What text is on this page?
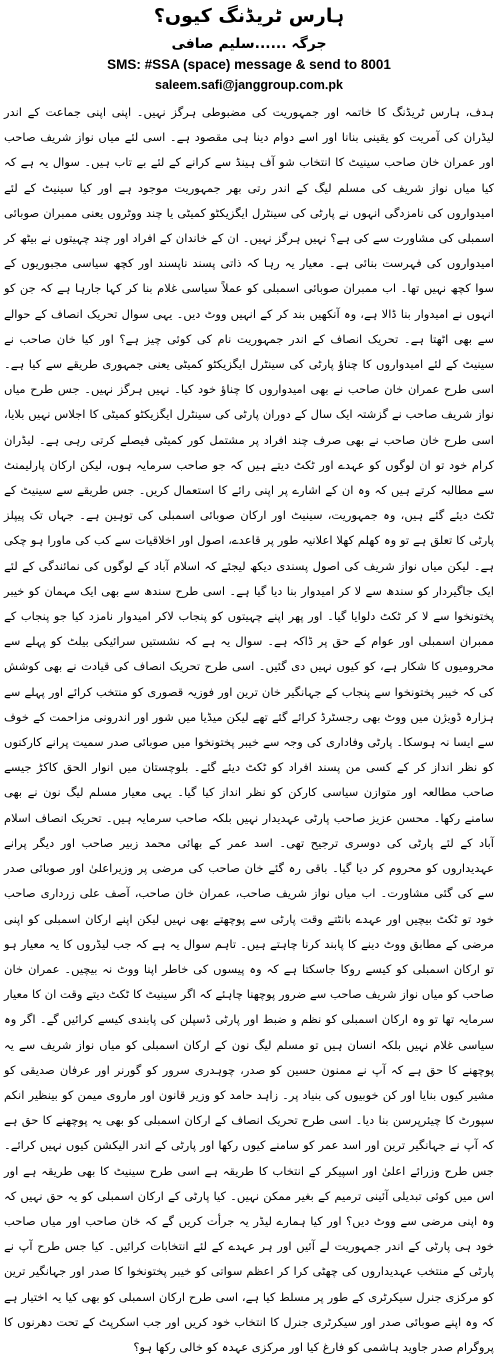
ہارس ٹریڈنگ کیوں؟
جرگہ ......سلیم صافی
SMS: #SSA (space) message & send to 8001
saleem.safi@janggroup.com.pk

ہدف، ہارس ٹریڈنگ کا خاتمہ اور جمہوریت کی مضبوطی ہرگز نہیں۔ اپنی اپنی جماعت کے اندر لیڈران کی آمریت کو یقینی بنانا اور اسے دوام دینا ہی مقصود ہے۔ اسی لئے میاں نواز شریف صاحب اور عمران خان صاحب سینیٹ کا انتخاب شو آف ہینڈ سے کرانے کے لئے بے تاب ہیں۔ سوال یہ ہے کہ کیا میاں نواز شریف کی مسلم لیگ کے اندر رتی بھر جمہوریت موجود ہے اور کیا سینیٹ کے لئے امیدواروں کی نامزدگی انہوں نے پارٹی کی سینٹرل ایگزیکٹو کمیٹی یا چند ووٹروں یعنی ممبران صوبائی اسمبلی کی مشاورت سے کی ہے؟ نہیں ہرگز نہیں۔ ان کے خاندان کے افراد اور چند چہیتوں نے بیٹھ کر امیدواروں کی فہرست بنائی ہے۔ معیار یہ رہا کہ ذاتی پسند ناپسند اور کچھ سیاسی مجبوریوں کے سوا کچھ نہیں تھا۔ اب ممبران صوبائی اسمبلی کو عملاً سیاسی غلام بنا کر کہا جارہا ہے کہ جن کو انہوں نے امیدوار بنا ڈالا ہے، وہ آنکھیں بند کر کے انہیں ووٹ دیں۔ یہی سوال تحریک انصاف کے حوالے سے بھی اٹھتا ہے۔ تحریک انصاف کے اندر جمہوریت نام کی کوئی چیز ہے؟ اور کیا خان صاحب نے سینیٹ کے لئے امیدواروں کا چناؤ پارٹی کی سینٹرل ایگزیکٹو کمیٹی یعنی جمہوری طریقے سے کیا ہے۔ اسی طرح عمران خان صاحب نے بھی امیدواروں کا چناؤ خود کیا۔ نہیں ہرگز نہیں۔ جس طرح میاں نواز شریف صاحب نے گزشتہ ایک سال کے دوران پارٹی کی سینٹرل ایگزیکٹو کمیٹی کا اجلاس نہیں بلایا، اسی طرح خان صاحب نے بھی صرف چند افراد پر مشتمل کور کمیٹی فیصلے کرتی رہی ہے۔

لیڈران کرام خود تو ان لوگوں کو عہدے اور ٹکٹ دیتے ہیں کہ جو صاحب سرمایہ ہوں، لیکن ارکان پارلیمنٹ سے مطالبہ کرتے ہیں کہ وہ ان کے اشارے پر اپنی رائے کا استعمال کریں۔ جس طریقے سے سینیٹ کے ٹکٹ دیئے گئے ہیں، وہ جمہوریت، سینیٹ اور ارکان صوبائی اسمبلی کی توہین ہے۔ جہاں تک پیپلز پارٹی کا تعلق ہے تو وہ کھلم کھلا اعلانیہ طور پر قاعدے، اصول اور اخلاقیات سے کب کی ماورا ہو چکی ہے۔ لیکن میاں نواز شریف کی اصول پسندی دیکھ لیجئے کہ اسلام آباد کے لوگوں کی نمائندگی کے لئے ایک جاگیردار کو سندھ سے لا کر امیدوار بنا دیا گیا ہے۔ اسی طرح سندھ سے بھی ایک مہمان کو خیبر پختونخوا سے لا کر ٹکٹ دلوایا گیا۔ اور پھر اپنے چہیتوں کو پنجاب لاکر امیدوار نامزد کیا جو پنجاب کے ممبران اسمبلی اور عوام کے حق پر ڈاکہ ہے۔

سوال یہ ہے کہ نشستیں سرائیکی بیلٹ کو پہلے سے محرومیوں کا شکار ہے، کو کیوں نہیں دی گئیں۔ اسی طرح تحریک انصاف کی قیادت نے بھی کوشش کی کہ خیبر پختونخوا سے پنجاب کے جہانگیر خان ترین اور فوزیہ قصوری کو منتخب کرائے اور پہلے سے ہزارہ ڈویژن میں ووٹ بھی رجسٹرڈ کرائے گئے تھے لیکن میڈیا میں شور اور اندرونی مزاحمت کے خوف سے ایسا نہ ہوسکا۔ پارٹی وفاداری کی وجہ سے خیبر پختونخوا میں صوبائی صدر سمیت پرانے کارکنوں کو نظر انداز کر کے کسی من پسند افراد کو ٹکٹ دیئے گئے۔ بلوچستان میں انوار الحق کاکڑ جیسے صاحب مطالعہ اور متوازن سیاسی کارکن کو نظر انداز کیا گیا۔ یہی معیار مسلم لیگ نون نے بھی سامنے رکھا۔ محسن عزیز صاحب پارٹی عہدیدار نہیں بلکہ صاحب سرمایہ ہیں۔ تحریک انصاف اسلام آباد کے لئے پارٹی کی دوسری ترجیح تھی۔ اسد عمر کے بھائی محمد زبیر صاحب اور دیگر پرانے عہدیداروں کو محروم کر دیا گیا۔ باقی رہ گئے خان صاحب کی مرضی پر وزیراعلیٰ اور صوبائی صدر سے کی گئی مشاورت۔

اب میاں نواز شریف صاحب، عمران خان صاحب، آصف علی زرداری صاحب خود تو ٹکٹ بیچیں اور عہدے بانٹتے وقت پارٹی سے پوچھتے بھی نہیں لیکن اپنے ارکان اسمبلی کو اپنی مرضی کے مطابق ووٹ دینے کا پابند کرنا چاہتے ہیں۔ تاہم سوال یہ ہے کہ جب لیڈروں کا یہ معیار ہو تو ارکان اسمبلی کو کیسے روکا جاسکتا ہے کہ وہ پیسوں کی خاطر اپنا ووٹ نہ بیچیں۔ عمران خان صاحب کو میاں نواز شریف صاحب سے ضرور پوچھنا چاہئے کہ اگر سینیٹ کا ٹکٹ دیتے وقت ان کا معیار سرمایہ تھا تو وہ ارکان اسمبلی کو نظم و ضبط اور پارٹی ڈسپلن کی پابندی کیسے کرائیں گے۔

اگر وہ سیاسی غلام نہیں بلکہ انسان ہیں تو مسلم لیگ نون کے ارکان اسمبلی کو میاں نواز شریف سے یہ پوچھنے کا حق ہے کہ آپ نے ممنون حسین کو صدر، چوہدری سرور کو گورنر اور عرفان صدیقی کو مشیر کیوں بنایا اور کن خوبیوں کی بنیاد پر۔ زاہد حامد کو وزیر قانون اور ماروی میمن کو بینظیر انکم سپورٹ کا چیئرپرسن بنا دیا۔ اسی طرح تحریک انصاف کے ارکان اسمبلی کو بھی یہ پوچھنے کا حق ہے کہ آپ نے جہانگیر ترین اور اسد عمر کو سامنے کیوں رکھا اور پارٹی کے اندر الیکشن کیوں نہیں کرائے۔ جس طرح وزرائے اعلیٰ اور اسپیکر کے انتخاب کا طریقہ ہے اسی طرح سینیٹ کا بھی طریقہ ہے اور اس میں کوئی تبدیلی آئینی ترمیم کے بغیر ممکن نہیں۔

کیا پارٹی کے ارکان اسمبلی کو یہ حق نہیں کہ وہ اپنی مرضی سے ووٹ دیں؟ اور کیا ہمارے لیڈر یہ جرأت کریں گے کہ خان صاحب اور میاں صاحب خود ہی پارٹی کے اندر جمہوریت لے آئیں اور ہر عہدے کے لئے انتخابات کرائیں۔ کیا جس طرح آپ نے پارٹی کے منتخب عہدیداروں کی چھٹی کرا کر اعظم سواتی کو خیبر پختونخوا کا صدر اور جہانگیر ترین کو مرکزی جنرل سیکرٹری کے طور پر مسلط کیا ہے، اسی طرح ارکان اسمبلی کو بھی کیا یہ اختیار ہے کہ وہ اپنے صوبائی صدر اور سیکرٹری جنرل کا انتخاب خود کریں اور جب اسکرپٹ کے تحت دھرنوں کا پروگرام صدر جاوید ہاشمی کو فارغ کیا اور مرکزی عہدہ کو خالی رکھا ہو؟
